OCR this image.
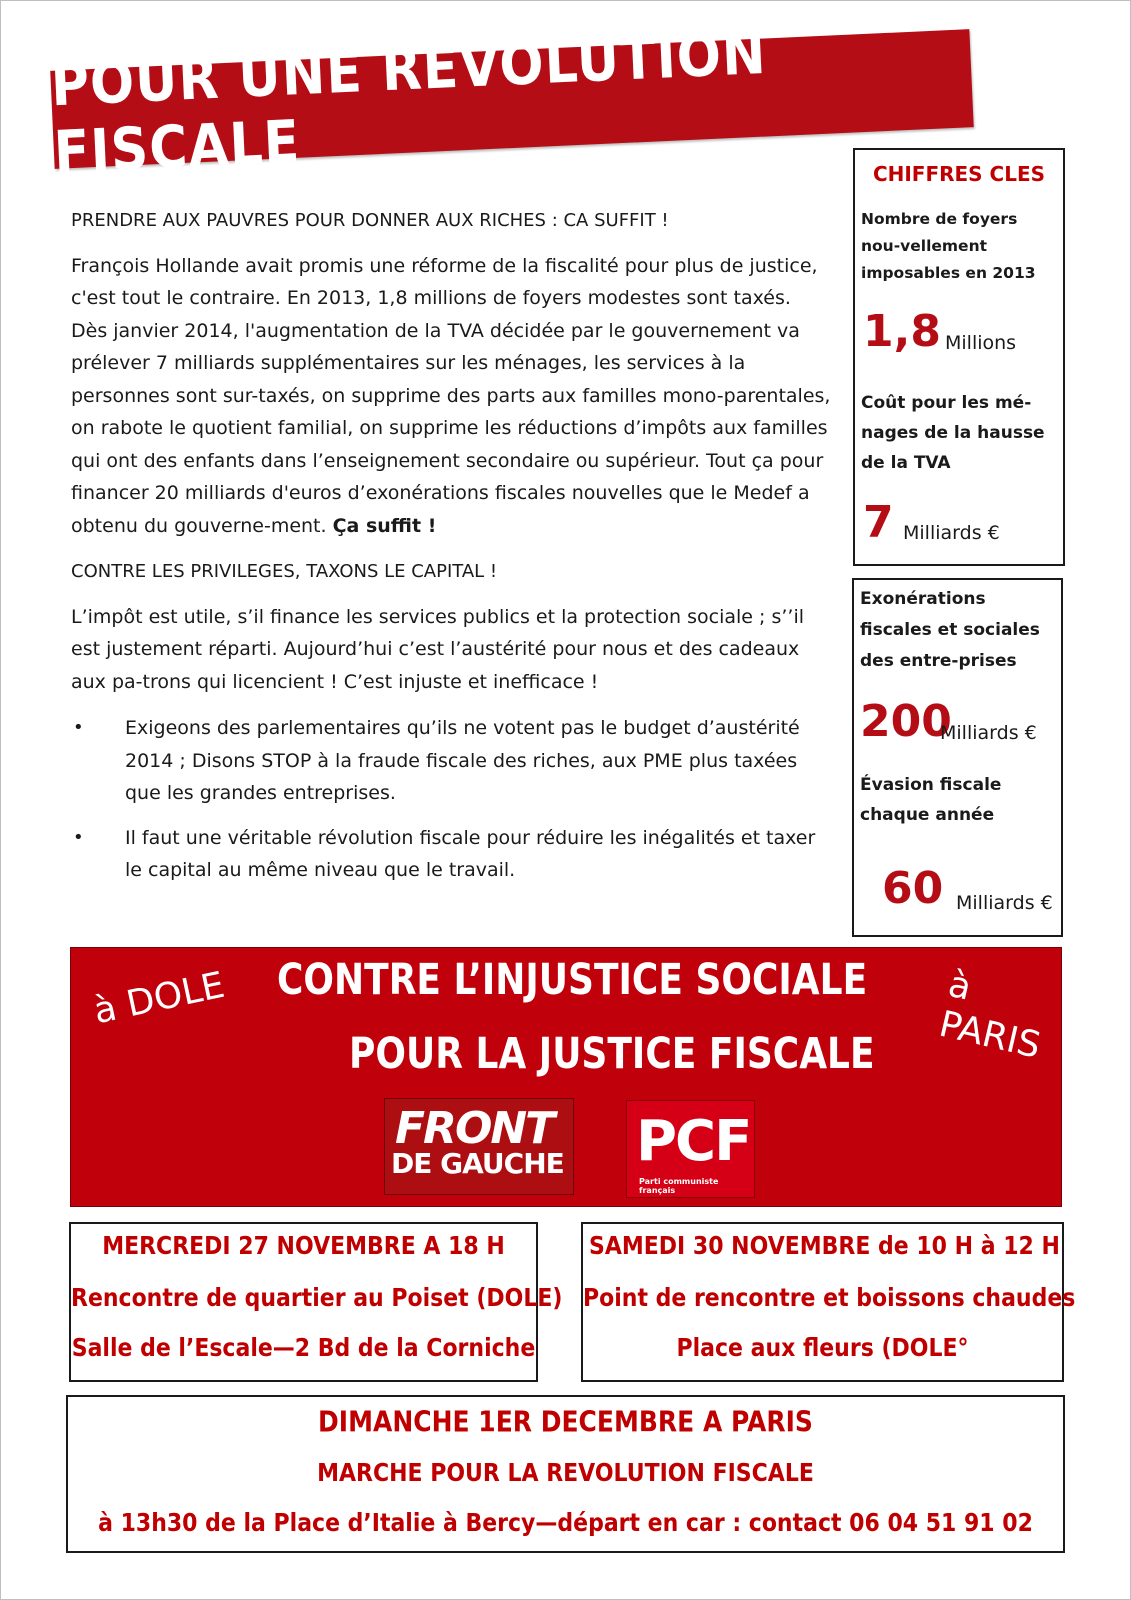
POUR UNE REVOLUTION FISCALE
PRENDRE AUX PAUVRES POUR DONNER AUX RICHES : CA SUFFIT !

François Hollande avait promis une réforme de la fiscalité pour plus de justice, c'est tout le contraire. En 2013, 1,8 millions de foyers modestes sont taxés. Dès janvier 2014, l'augmentation de la TVA décidée par le gouvernement va prélever 7 milliards supplémentaires sur les ménages, les services à la personnes sont sur-taxés, on supprime des parts aux familles mono-parentales, on rabote le quotient familial, on supprime les réductions d’impôts aux familles qui ont des enfants dans l’enseignement secondaire ou supérieur. Tout ça pour financer 20 milliards d'euros d’exonérations fiscales nouvelles que le Medef a obtenu du gouverne-ment. Ça suffit !

CONTRE LES PRIVILEGES, TAXONS LE CAPITAL !

L’impôt est utile, s’il finance les services publics et la protection sociale ; s’’il est justement réparti. Aujourd’hui c’est l’austérité pour nous et des cadeaux aux pa-trons qui licencient ! C’est injuste et inefficace !

• Exigeons des parlementaires qu’ils ne votent pas le budget d’austérité 2014 ; Disons STOP à la fraude fiscale des riches, aux PME plus taxées que les grandes entreprises.
• Il faut une véritable révolution fiscale pour réduire les inégalités et taxer le capital au même niveau que le travail.
CHIFFRES CLES
Nombre de foyers nou-vellement imposables en 2013
1,8 Millions
Coût pour les mé-nages de la hausse de la TVA
7 Milliards €
Exonérations fiscales et sociales des entre-prises
200
Milliards €
Évasion fiscale chaque année
60 Milliards €
à DOLE	à PARIS
CONTRE L’INJUSTICE SOCIALE
POUR LA JUSTICE FISCALE
FRONT
DE GAUCHE PCF
Parti communiste français
MERCREDI 27 NOVEMBRE A 18 H
Rencontre de quartier au Poiset (DOLE)
Salle de l’Escale—2 Bd de la Corniche
SAMEDI 30 NOVEMBRE de 10 H à 12 H
Point de rencontre et boissons chaudes
Place aux fleurs (DOLE°
DIMANCHE 1ER DECEMBRE A PARIS
MARCHE POUR LA REVOLUTION FISCALE
à 13h30 de la Place d’Italie à Bercy—départ en car : contact 06 04 51 91 02
